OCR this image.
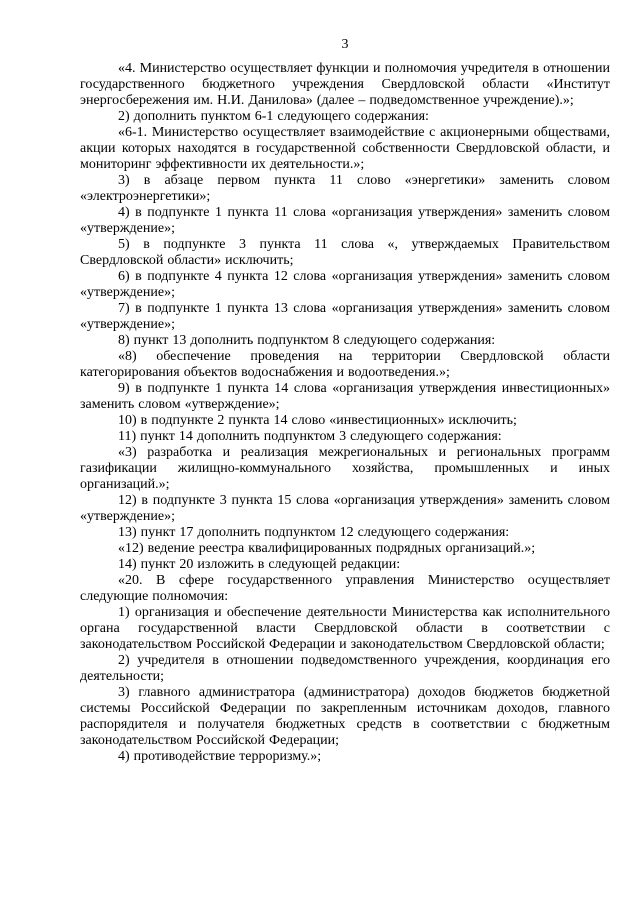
3

«4. Министерство осуществляет функции и полномочия учредителя в отношении государственного бюджетного учреждения Свердловской области «Институт энергосбережения им. Н.И. Данилова» (далее – подведомственное учреждение).»;

2) дополнить пунктом 6-1 следующего содержания:

«6-1. Министерство осуществляет взаимодействие с акционерными обществами, акции которых находятся в государственной собственности Свердловской области, и мониторинг эффективности их деятельности.»;

3) в абзаце первом пункта 11 слово «энергетики» заменить словом «электроэнергетики»;

4) в подпункте 1 пункта 11 слова «организация утверждения» заменить словом «утверждение»;

5) в подпункте 3 пункта 11 слова «, утверждаемых Правительством Свердловской области» исключить;

6) в подпункте 4 пункта 12 слова «организация утверждения» заменить словом «утверждение»;

7) в подпункте 1 пункта 13 слова «организация утверждения» заменить словом «утверждение»;

8) пункт 13 дополнить подпунктом 8 следующего содержания:

«8) обеспечение проведения на территории Свердловской области категорирования объектов водоснабжения и водоотведения.»;

9) в подпункте 1 пункта 14 слова «организация утверждения инвестиционных» заменить словом «утверждение»;

10) в подпункте 2 пункта 14 слово «инвестиционных» исключить;

11) пункт 14 дополнить подпунктом 3 следующего содержания:

«3) разработка и реализация межрегиональных и региональных программ газификации жилищно-коммунального хозяйства, промышленных и иных организаций.»;

12) в подпункте 3 пункта 15 слова «организация утверждения» заменить словом «утверждение»;

13) пункт 17 дополнить подпунктом 12 следующего содержания:

«12) ведение реестра квалифицированных подрядных организаций.»;

14) пункт 20 изложить в следующей редакции:

«20. В сфере государственного управления Министерство осуществляет следующие полномочия:

1) организация и обеспечение деятельности Министерства как исполнительного органа государственной власти Свердловской области в соответствии с законодательством Российской Федерации и законодательством Свердловской области;

2) учредителя в отношении подведомственного учреждения, координация его деятельности;

3) главного администратора (администратора) доходов бюджетов бюджетной системы Российской Федерации по закрепленным источникам доходов, главного распорядителя и получателя бюджетных средств в соответствии с бюджетным законодательством Российской Федерации;

4) противодействие терроризму.»;
